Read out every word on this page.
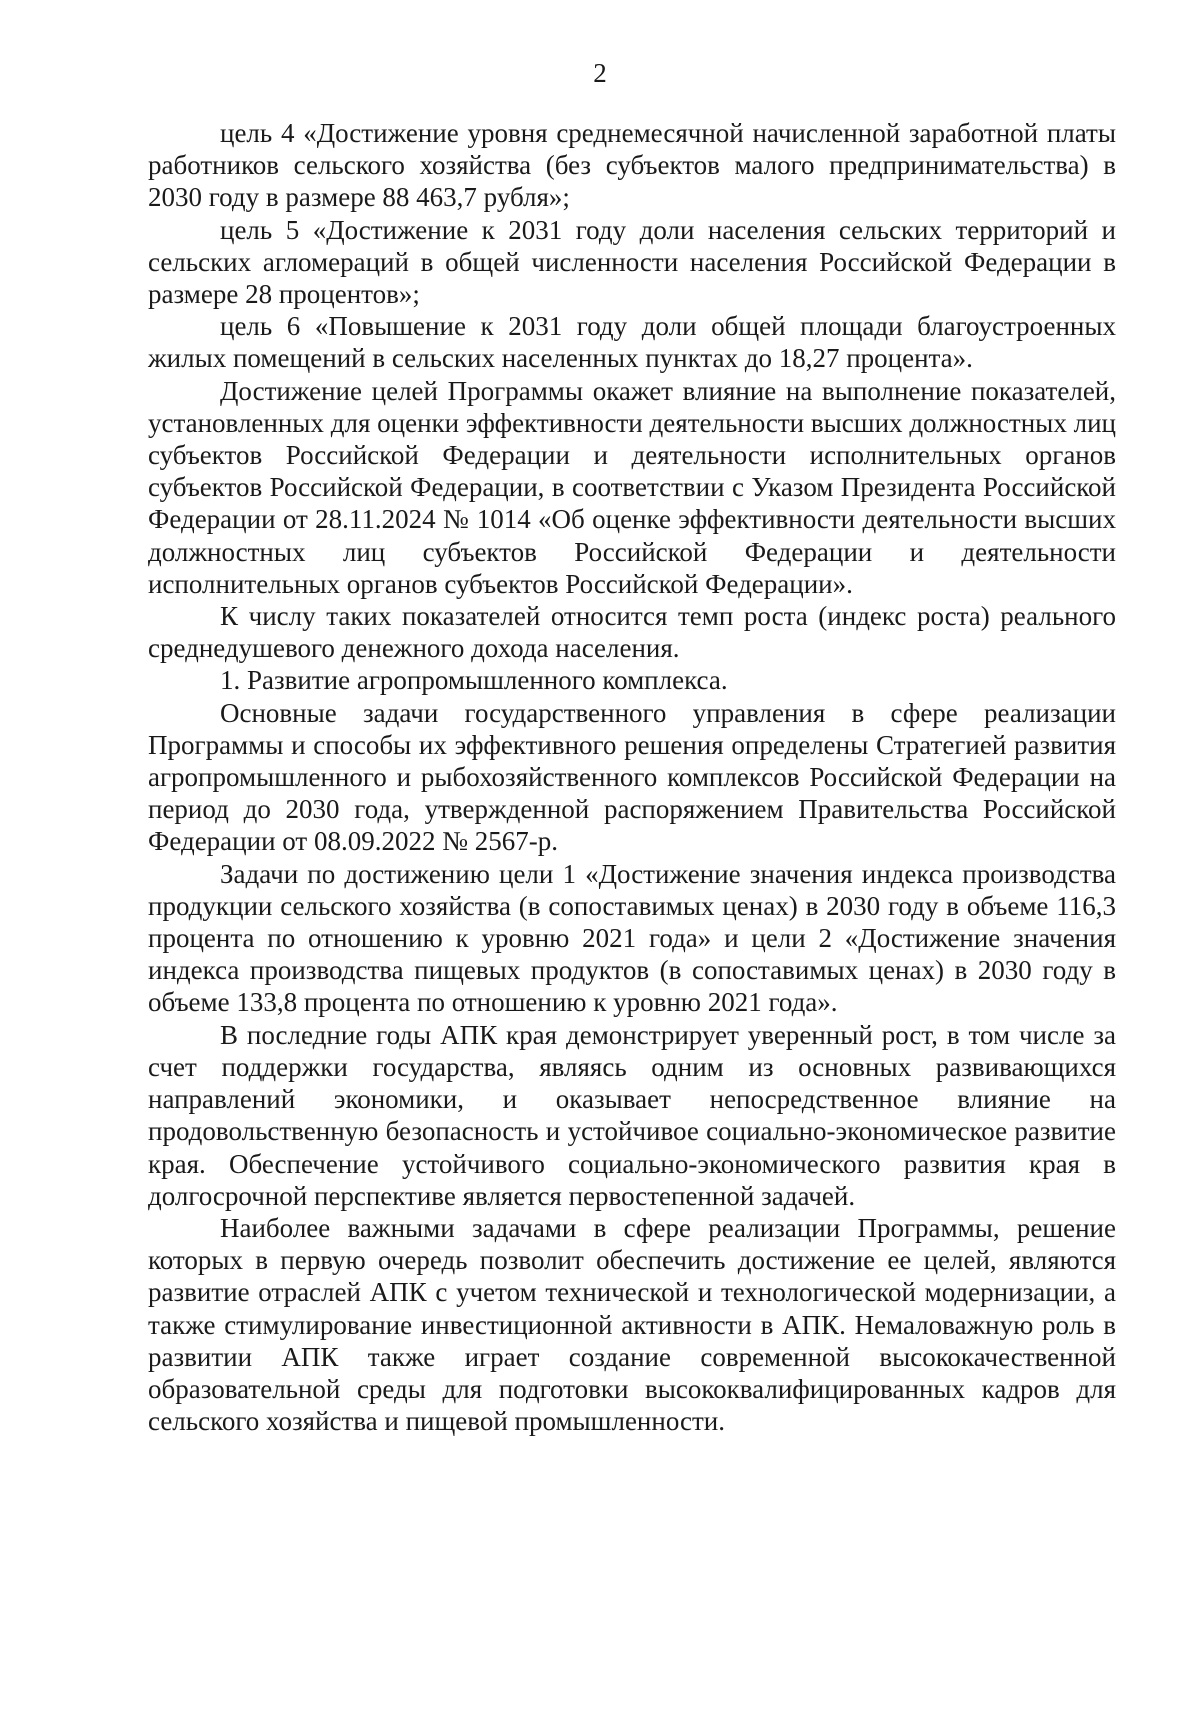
2

цель 4 «Достижение уровня среднемесячной начисленной заработной платы работников сельского хозяйства (без субъектов малого предпринимательства) в 2030 году в размере 88 463,7 рубля»;

цель 5 «Достижение к 2031 году доли населения сельских территорий и сельских агломераций в общей численности населения Российской Федерации в размере 28 процентов»;

цель 6 «Повышение к 2031 году доли общей площади благоустроенных жилых помещений в сельских населенных пунктах до 18,27 процента».

Достижение целей Программы окажет влияние на выполнение показателей, установленных для оценки эффективности деятельности высших должностных лиц субъектов Российской Федерации и деятельности исполнительных органов субъектов Российской Федерации, в соответствии с Указом Президента Российской Федерации от 28.11.2024 № 1014 «Об оценке эффективности деятельности высших должностных лиц субъектов Российской Федерации и деятельности исполнительных органов субъектов Российской Федерации».

К числу таких показателей относится темп роста (индекс роста) реального среднедушевого денежного дохода населения.

1. Развитие агропромышленного комплекса.

Основные задачи государственного управления в сфере реализации Программы и способы их эффективного решения определены Стратегией развития агропромышленного и рыбохозяйственного комплексов Российской Федерации на период до 2030 года, утвержденной распоряжением Правительства Российской Федерации от 08.09.2022 № 2567-р.

Задачи по достижению цели 1 «Достижение значения индекса производства продукции сельского хозяйства (в сопоставимых ценах) в 2030 году в объеме 116,3 процента по отношению к уровню 2021 года» и цели 2 «Достижение значения индекса производства пищевых продуктов (в сопоставимых ценах) в 2030 году в объеме 133,8 процента по отношению к уровню 2021 года».

В последние годы АПК края демонстрирует уверенный рост, в том числе за счет поддержки государства, являясь одним из основных развивающихся направлений экономики, и оказывает непосредственное влияние на продовольственную безопасность и устойчивое социально-экономическое развитие края. Обеспечение устойчивого социально-экономического развития края в долгосрочной перспективе является первостепенной задачей.

Наиболее важными задачами в сфере реализации Программы, решение которых в первую очередь позволит обеспечить достижение ее целей, являются развитие отраслей АПК с учетом технической и технологической модернизации, а также стимулирование инвестиционной активности в АПК. Немаловажную роль в развитии АПК также играет создание современной высококачественной образовательной среды для подготовки высококвалифицированных кадров для сельского хозяйства и пищевой промышленности.
